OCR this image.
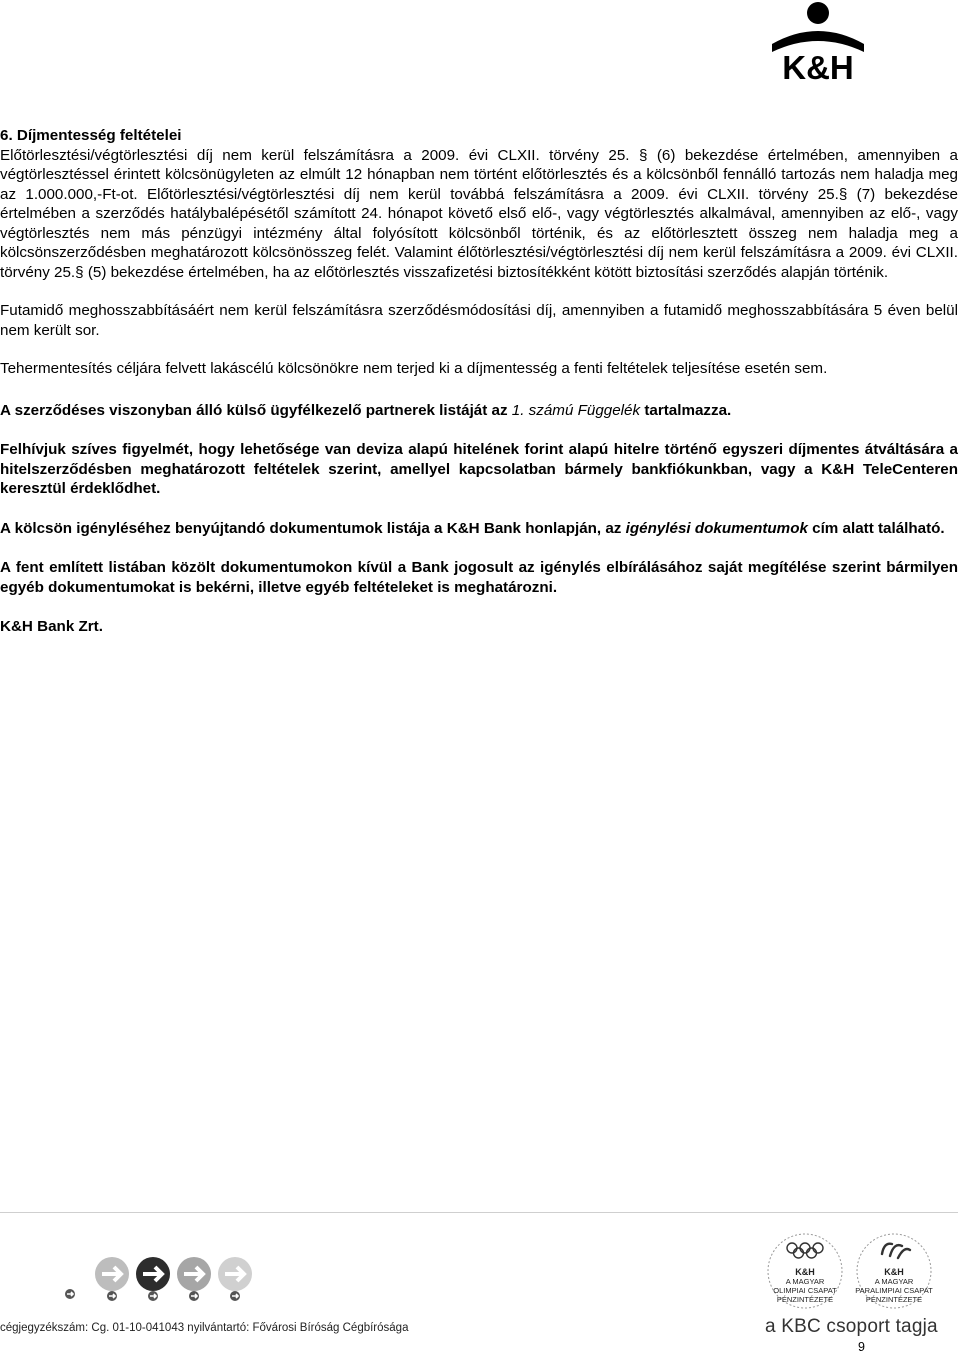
K&H

6. Díjmentesség feltételei

Előtörlesztési/végtörlesztési díj nem kerül felszámításra a 2009. évi CLXII. törvény 25. § (6) bekezdése értelmében, amennyiben a végtörlesztéssel érintett kölcsönügyleten az elmúlt 12 hónapban nem történt előtörlesztés és a kölcsönből fennálló tartozás nem haladja meg az 1.000.000,-Ft-ot. Előtörlesztési/végtörlesztési díj nem kerül továbbá felszámításra a 2009. évi CLXII. törvény 25.§ (7) bekezdése értelmében a szerződés hatálybalépésétől számított 24. hónapot követő első elő-, vagy végtörlesztés alkalmával, amennyiben az elő-, vagy végtörlesztés nem más pénzügyi intézmény által folyósított kölcsönből történik, és az előtörlesztett összeg nem haladja meg a kölcsönszerződésben meghatározott kölcsönösszeg felét. Valamint élőtörlesztési/végtörlesztési díj nem kerül felszámításra a 2009. évi CLXII. törvény 25.§ (5) bekezdése értelmében, ha az előtörlesztés visszafizetési biztosítékként kötött biztosítási szerződés alapján történik.

Futamidő meghosszabbításáért nem kerül felszámításra szerződésmódosítási díj, amennyiben a futamidő meghosszabbítására 5 éven belül nem került sor.

Tehermentesítés céljára felvett lakáscélú kölcsönökre nem terjed ki a díjmentesség a fenti feltételek teljesítése esetén sem.

A szerződéses viszonyban álló külső ügyfélkezelő partnerek listáját az 1. számú Függelék tartalmazza.

Felhívjuk szíves figyelmét, hogy lehetősége van deviza alapú hitelének forint alapú hitelre történő egyszeri díjmentes átváltására a hitelszerződésben meghatározott feltételek szerint, amellyel kapcsolatban bármely bankfiókunkban, vagy a K&H TeleCenteren keresztül érdeklődhet.

A kölcsön igényléséhez benyújtandó dokumentumok listája a K&H Bank honlapján, az igénylési dokumentumok cím alatt található.

A fent említett listában közölt dokumentumokon kívül a Bank jogosult az igénylés elbírálásához saját megítélése szerint bármilyen egyéb dokumentumokat is bekérni, illetve egyéb feltételeket is meghatározni.

K&H Bank Zrt.

K&H
A MAGYAR
OLIMPIAI CSAPAT
PÉNZINTÉZETE
K&H
A MAGYAR
PARALIMPIAI CSAPAT
PÉNZINTÉZETE
cégjegyzékszám: Cg. 01-10-041043 nyilvántartó: Fővárosi Bíróság Cégbírósága	a KBC csoport tagja
9
